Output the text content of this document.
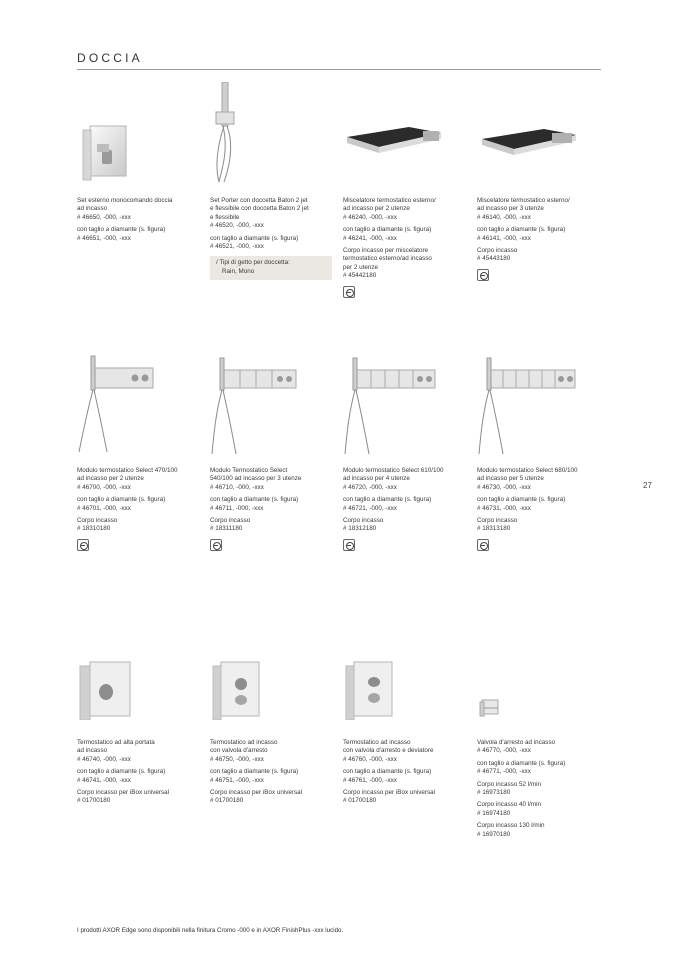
DOCCIA
Set esterno monocomando doccia
ad incasso
# 46650, -000, -xxx
con taglio a diamante (s. figura)
# 46651, -000, -xxx
Set Porter con doccetta Baton 2 jet
e flessibile con doccetta Baton 2 jet
e flessibile
# 46520, -000, -xxx
con taglio a diamante (s. figura)
# 46521, -000, -xxx
/ Tipi di getto per doccetta:
Rain, Mono
Miscelatore termostatico esterno/
ad incasso per 2 utenze
# 46240, -000, -xxx
con taglio a diamante (s. figura)
# 46241, -000, -xxx
Corpo incasso per miscelatore
termostatico esterno/ad incasso
per 2 utenze
# 45442180
Miscelatore termostatico esterno/
ad incasso per 3 utenze
# 46140, -000, -xxx
con taglio a diamante (s. figura)
# 46141, -000, -xxx
Corpo incasso
# 45443180
Modulo termostatico Select 470/100
ad incasso per 2 utenze
# 46700, -000, -xxx
con taglio a diamante (s. figura)
# 46701, -000, -xxx
Corpo incasso
# 18310180
Modulo Termostatico Select
540/100 ad incasso per 3 utenze
# 46710, -000, -xxx
con taglio a diamante (s. figura)
# 46711, -000, -xxx
Corpo incasso
# 18311180
Modulo termostatico Select 610/100
ad incasso per 4 utenze
# 46720, -000, -xxx
con taglio a diamante (s. figura)
# 46721, -000, -xxx
Corpo incasso
# 18312180
Modulo termostatico Select 680/100
ad incasso per 5 utenze
# 46730, -000, -xxx
con taglio a diamante (s. figura)
# 46731, -000, -xxx
Corpo incasso
# 18313180
Termostatico ad alta portata
ad incasso
# 46740, -000, -xxx
con taglio a diamante (s. figura)
# 46741, -000, -xxx
Corpo incasso per iBox universal
# 01700180
Termostatico ad incasso
con valvola d'arresto
# 46750, -000, -xxx
con taglio a diamante (s. figura)
# 46751, -000, -xxx
Corpo incasso per iBox universal
# 01700180
Termostatico ad incasso
con valvola d'arresto e deviatore
# 46760, -000, -xxx
con taglio a diamante (s. figura)
# 46761, -000, -xxx
Corpo incasso per iBox universal
# 01700180
Valvola d'arresto ad incasso
# 46770, -000, -xxx
con taglio a diamante (s. figura)
# 46771, -000, -xxx
Corpo incasso 52 l/min
# 16973180
Corpo incasso 40 l/min
# 16974180
Corpo incasso 130 l/min
# 16970180
27
I prodotti AXOR Edge sono disponibili nella finitura Cromo -000 e in AXOR FinishPlus -xxx lucido.
